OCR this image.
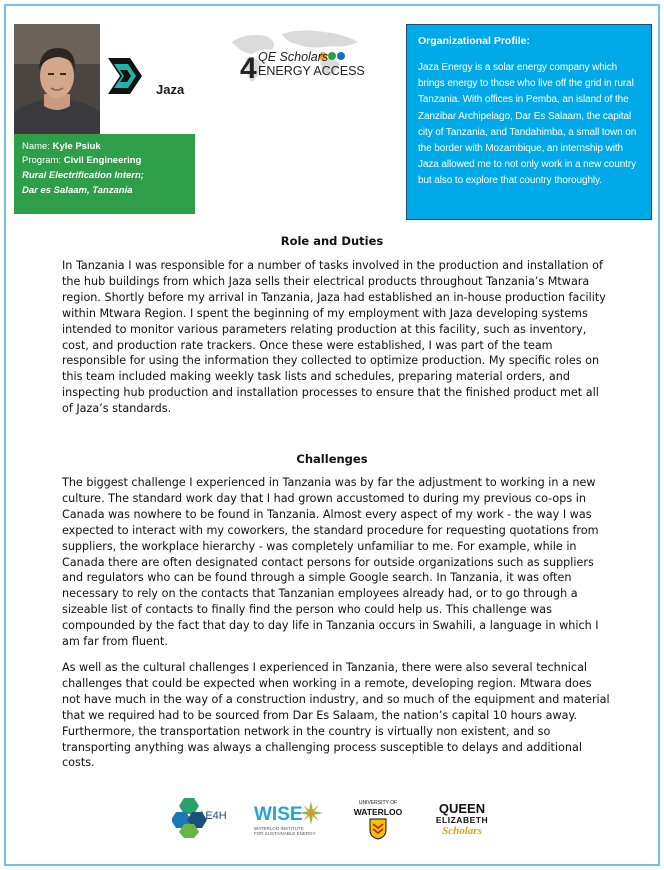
Jaza
Name: Kyle Psiuk
Program: Civil Engineering
Rural Electrification Intern;
Dar es Salaam, Tanzania
4 QE Scholars
ENERGY ACCESS
Organizational Profile:
Jaza Energy is a solar energy company which brings energy to those who live off the grid in rural Tanzania. With offices in Pemba, an island of the Zanzibar Archipelago, Dar Es Salaam, the capital city of Tanzania, and Tandahimba, a small town on the border with Mozambique, an internship with Jaza allowed me to not only work in a new country but also to explore that country thoroughly.
Role and Duties
In Tanzania I was responsible for a number of tasks involved in the production and installation of the hub buildings from which Jaza sells their electrical products throughout Tanzania’s Mtwara region. Shortly before my arrival in Tanzania, Jaza had established an in-house production facility within Mtwara Region. I spent the beginning of my employment with Jaza developing systems intended to monitor various parameters relating production at this facility, such as inventory, cost, and production rate trackers. Once these were established, I was part of the team responsible for using the information they collected to optimize production. My specific roles on this team included making weekly task lists and schedules, preparing material orders, and inspecting hub production and installation processes to ensure that the finished product met all of Jaza’s standards.
Challenges
The biggest challenge I experienced in Tanzania was by far the adjustment to working in a new culture. The standard work day that I had grown accustomed to during my previous co-ops in Canada was nowhere to be found in Tanzania. Almost every aspect of my work - the way I was expected to interact with my coworkers, the standard procedure for requesting quotations from suppliers, the workplace hierarchy - was completely unfamiliar to me. For example, while in Canada there are often designated contact persons for outside organizations such as suppliers and regulators who can be found through a simple Google search. In Tanzania, it was often necessary to rely on the contacts that Tanzanian employees already had, or to go through a sizeable list of contacts to finally find the person who could help us. This challenge was compounded by the fact that day to day life in Tanzania occurs in Swahili, a language in which I am far from fluent.
As well as the cultural challenges I experienced in Tanzania, there were also several technical challenges that could be expected when working in a remote, developing region. Mtwara does not have much in the way of a construction industry, and so much of the equipment and material that we required had to be sourced from Dar Es Salaam, the nation’s capital 10 hours away. Furthermore, the transportation network in the country is virtually non existent, and so transporting anything was always a challenging process susceptible to delays and additional costs.
AE4H WISE
WATERLOO INSTITUTE
FOR SUSTAINABLE ENERGY
UNIVERSITY OF
WATERLOO	QUEEN
ELIZABETH
Scholars
